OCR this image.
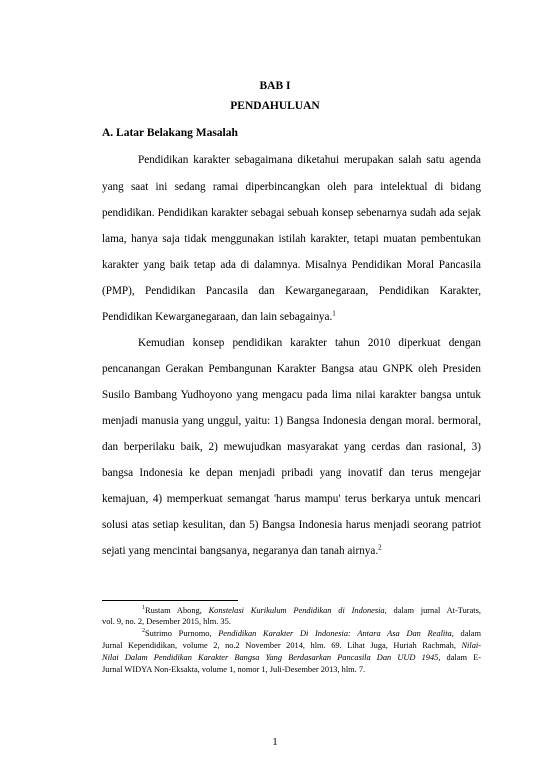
BAB I
PENDAHULUAN
A. Latar Belakang Masalah
Pendidikan karakter sebagaimana diketahui merupakan salah satu agenda
yang saat ini sedang ramai diperbincangkan oleh para intelektual di bidang
pendidikan. Pendidikan karakter sebagai sebuah konsep sebenarnya sudah ada sejak
lama, hanya saja tidak menggunakan istilah karakter, tetapi muatan pembentukan
karakter yang baik tetap ada di dalamnya. Misalnya Pendidikan Moral Pancasila
(PMP), Pendidikan Pancasila dan Kewarganegaraan, Pendidikan Karakter,
Pendidikan Kewarganegaraan, dan lain sebagainya.$^1$
Kemudian konsep pendidikan karakter tahun 2010 diperkuat dengan
pencanangan Gerakan Pembangunan Karakter Bangsa atau GNPK oleh Presiden
Susilo Bambang Yudhoyono yang mengacu pada lima nilai karakter bangsa untuk
menjadi manusia yang unggul, yaitu: 1) Bangsa Indonesia dengan moral. bermoral,
dan berperilaku baik, 2) mewujudkan masyarakat yang cerdas dan rasional, 3)
bangsa Indonesia ke depan menjadi pribadi yang inovatif dan terus mengejar
kemajuan, 4) memperkuat semangat 'harus mampu' terus berkarya untuk mencari
solusi atas setiap kesulitan, dan 5) Bangsa Indonesia harus menjadi seorang patriot
sejati yang mencintai bangsanya, negaranya dan tanah airnya.$^2$
$^1$Rustam Abong, Konstelasi Kurikulum Pendidikan di Indonesia, dalam jurnal At-Turats,
vol. 9, no. 2, Desember 2015, hlm. 35.
$^2$Sutrimo Purnomo, Pendidikan Karakter Di Indonesia: Antara Asa Dan Realita, dalam
Jurnal Kependidikan, volume 2, no.2 November 2014, hlm. 69. Lihat Juga, Huriah Rachmah, Nilai-
Nilai Dalam Pendidikan Karakter Bangsa Yang Berdasarkan Pancasila Dan UUD 1945, dalam E-
Jurnal WIDYA Non-Eksakta, volume 1, nomor 1, Juli-Desember 2013, hlm. 7.
1
